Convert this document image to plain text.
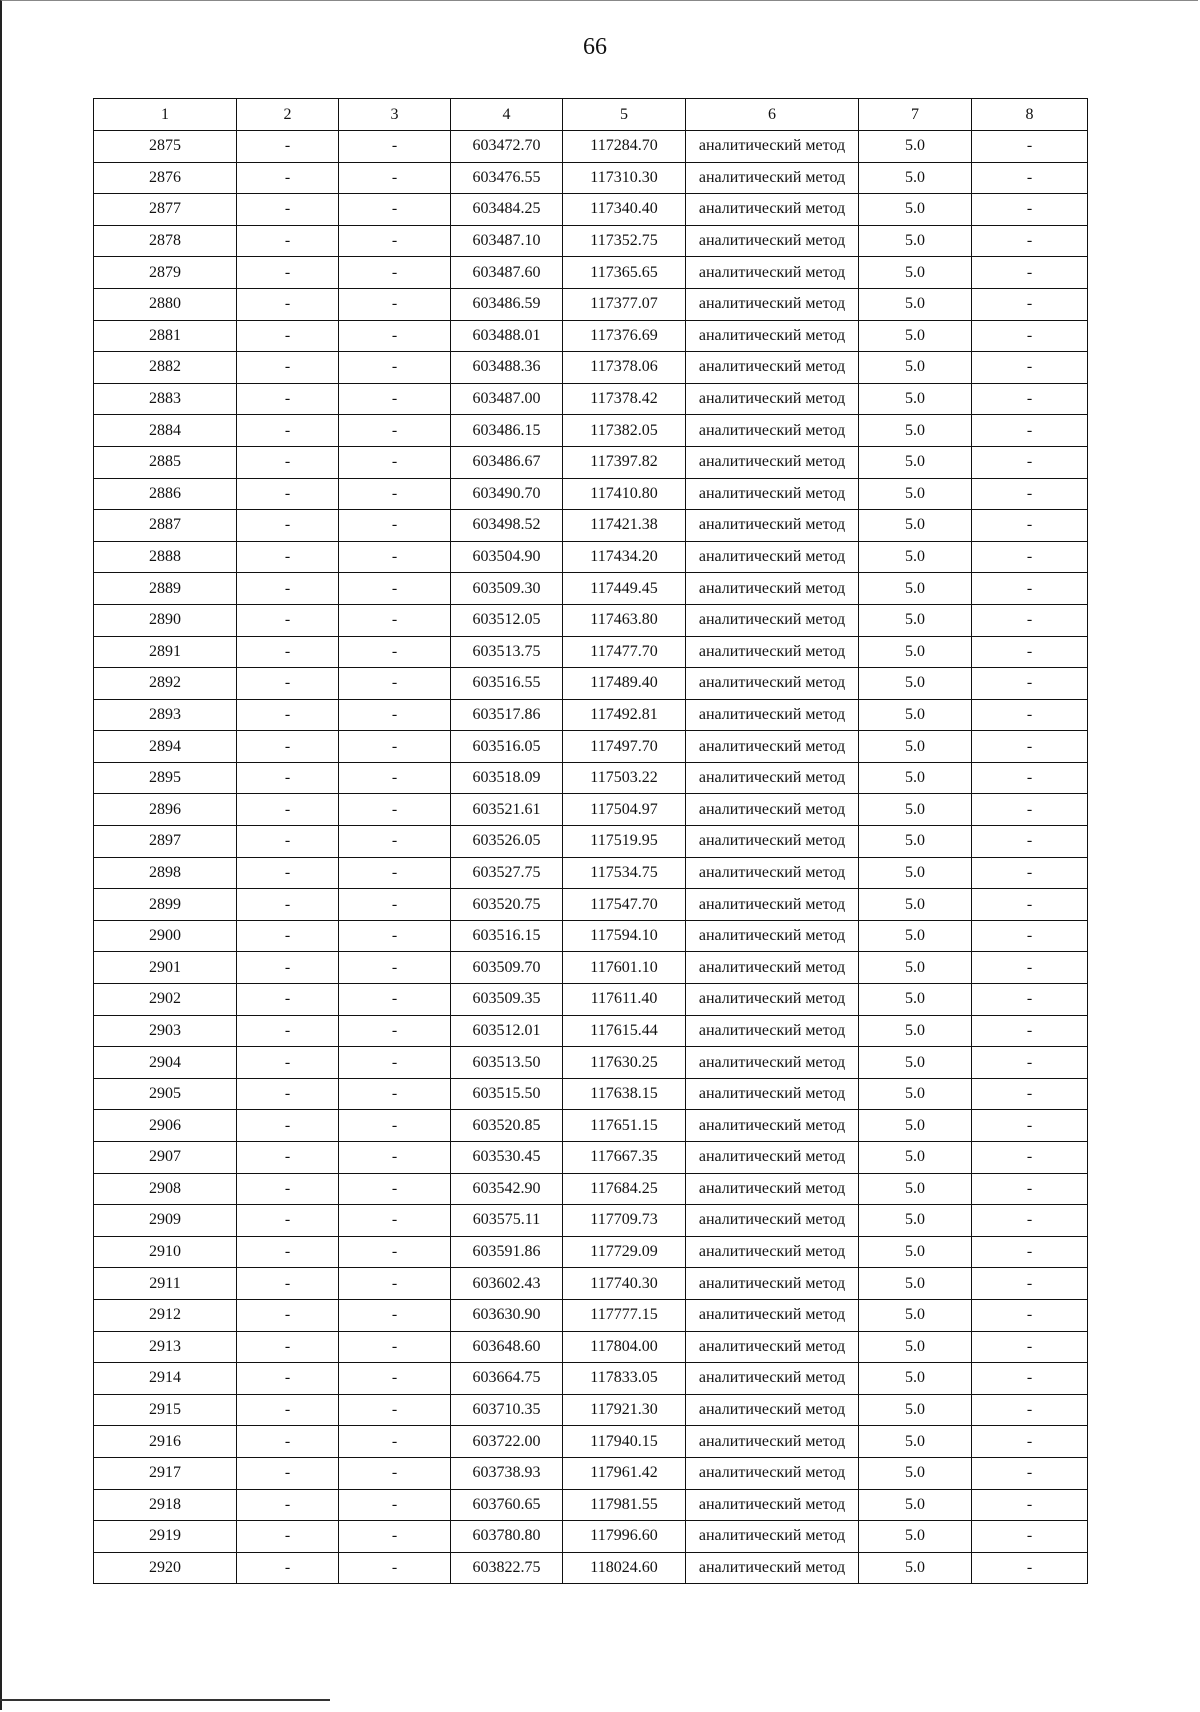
66
1	2	3	4	5	6	7	8
2875	-	-	603472.70	117284.70	аналитический метод	5.0	-
2876	-	-	603476.55	117310.30	аналитический метод	5.0	-
2877	-	-	603484.25	117340.40	аналитический метод	5.0	-
2878	-	-	603487.10	117352.75	аналитический метод	5.0	-
2879	-	-	603487.60	117365.65	аналитический метод	5.0	-
2880	-	-	603486.59	117377.07	аналитический метод	5.0	-
2881	-	-	603488.01	117376.69	аналитический метод	5.0	-
2882	-	-	603488.36	117378.06	аналитический метод	5.0	-
2883	-	-	603487.00	117378.42	аналитический метод	5.0	-
2884	-	-	603486.15	117382.05	аналитический метод	5.0	-
2885	-	-	603486.67	117397.82	аналитический метод	5.0	-
2886	-	-	603490.70	117410.80	аналитический метод	5.0	-
2887	-	-	603498.52	117421.38	аналитический метод	5.0	-
2888	-	-	603504.90	117434.20	аналитический метод	5.0	-
2889	-	-	603509.30	117449.45	аналитический метод	5.0	-
2890	-	-	603512.05	117463.80	аналитический метод	5.0	-
2891	-	-	603513.75	117477.70	аналитический метод	5.0	-
2892	-	-	603516.55	117489.40	аналитический метод	5.0	-
2893	-	-	603517.86	117492.81	аналитический метод	5.0	-
2894	-	-	603516.05	117497.70	аналитический метод	5.0	-
2895	-	-	603518.09	117503.22	аналитический метод	5.0	-
2896	-	-	603521.61	117504.97	аналитический метод	5.0	-
2897	-	-	603526.05	117519.95	аналитический метод	5.0	-
2898	-	-	603527.75	117534.75	аналитический метод	5.0	-
2899	-	-	603520.75	117547.70	аналитический метод	5.0	-
2900	-	-	603516.15	117594.10	аналитический метод	5.0	-
2901	-	-	603509.70	117601.10	аналитический метод	5.0	-
2902	-	-	603509.35	117611.40	аналитический метод	5.0	-
2903	-	-	603512.01	117615.44	аналитический метод	5.0	-
2904	-	-	603513.50	117630.25	аналитический метод	5.0	-
2905	-	-	603515.50	117638.15	аналитический метод	5.0	-
2906	-	-	603520.85	117651.15	аналитический метод	5.0	-
2907	-	-	603530.45	117667.35	аналитический метод	5.0	-
2908	-	-	603542.90	117684.25	аналитический метод	5.0	-
2909	-	-	603575.11	117709.73	аналитический метод	5.0	-
2910	-	-	603591.86	117729.09	аналитический метод	5.0	-
2911	-	-	603602.43	117740.30	аналитический метод	5.0	-
2912	-	-	603630.90	117777.15	аналитический метод	5.0	-
2913	-	-	603648.60	117804.00	аналитический метод	5.0	-
2914	-	-	603664.75	117833.05	аналитический метод	5.0	-
2915	-	-	603710.35	117921.30	аналитический метод	5.0	-
2916	-	-	603722.00	117940.15	аналитический метод	5.0	-
2917	-	-	603738.93	117961.42	аналитический метод	5.0	-
2918	-	-	603760.65	117981.55	аналитический метод	5.0	-
2919	-	-	603780.80	117996.60	аналитический метод	5.0	-
2920	-	-	603822.75	118024.60	аналитический метод	5.0	-
